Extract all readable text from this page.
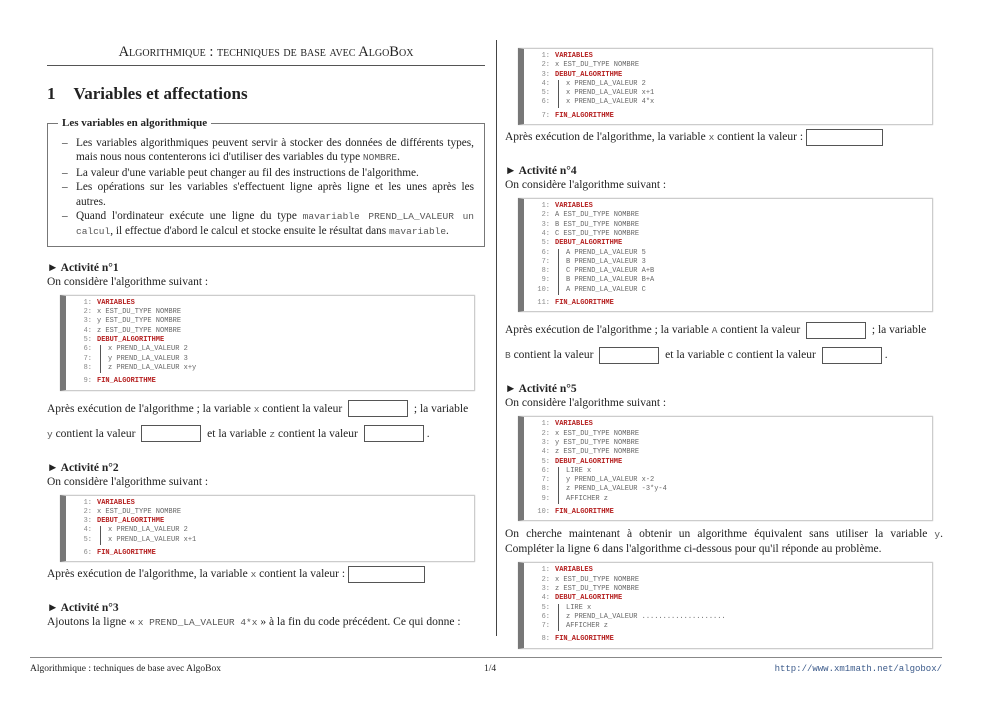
Algorithmique : techniques de base avec AlgoBox
1 Variables et affectations
Les variables en algorithmique
– Les variables algorithmiques peuvent servir à stocker des données de différents types, mais nous nous contenterons ici d'utiliser des variables du type NOMBRE.
– La valeur d'une variable peut changer au fil des instructions de l'algorithme.
– Les opérations sur les variables s'effectuent ligne après ligne et les unes après les autres.
– Quand l'ordinateur exécute une ligne du type mavariable PREND_LA_VALEUR un calcul, il effectue d'abord le calcul et stocke ensuite le résultat dans mavariable.
► Activité n°1
On considère l'algorithme suivant :
1: VARIABLES
2: x EST_DU_TYPE NOMBRE
3: y EST_DU_TYPE NOMBRE
4: z EST_DU_TYPE NOMBRE
5: DEBUT_ALGORITHME
6:	x PREND_LA_VALEUR 2
7:	y PREND_LA_VALEUR 3
8:	z PREND_LA_VALEUR x+y
9: FIN_ALGORITHME
Après exécution de l'algorithme ; la variable x contient la valeur	; la variable
y contient la valeur	et la variable z contient la valeur	.
► Activité n°2
On considère l'algorithme suivant :
1: VARIABLES
2: x EST_DU_TYPE NOMBRE
3: DEBUT_ALGORITHME
4:	x PREND_LA_VALEUR 2
5:	x PREND_LA_VALEUR x+1
6: FIN_ALGORITHME
Après exécution de l'algorithme, la variable x contient la valeur :
► Activité n°3
Ajoutons la ligne « x PREND_LA_VALEUR 4*x » à la fin du code précédent. Ce qui donne :
1: VARIABLES
2: x EST_DU_TYPE NOMBRE
3: DEBUT_ALGORITHME
4:	x PREND_LA_VALEUR 2
5:	x PREND_LA_VALEUR x+1
6:	x PREND_LA_VALEUR 4*x
7: FIN_ALGORITHME
Après exécution de l'algorithme, la variable x contient la valeur :
► Activité n°4
On considère l'algorithme suivant :
1: VARIABLES
2: A EST_DU_TYPE NOMBRE
3: B EST_DU_TYPE NOMBRE
4: C EST_DU_TYPE NOMBRE
5: DEBUT_ALGORITHME
6:	A PREND_LA_VALEUR 5
7:	B PREND_LA_VALEUR 3
8:	C PREND_LA_VALEUR A+B
9:	B PREND_LA_VALEUR B+A
10:	A PREND_LA_VALEUR C
11: FIN_ALGORITHME
Après exécution de l'algorithme ; la variable A contient la valeur	; la variable
B contient la valeur	et la variable C contient la valeur	.
► Activité n°5
On considère l'algorithme suivant :
1: VARIABLES
2: x EST_DU_TYPE NOMBRE
3: y EST_DU_TYPE NOMBRE
4: z EST_DU_TYPE NOMBRE
5: DEBUT_ALGORITHME
6:	LIRE x
7:	y PREND_LA_VALEUR x-2
8:	z PREND_LA_VALEUR -3*y-4
9:	AFFICHER z
10: FIN_ALGORITHME
On cherche maintenant à obtenir un algorithme équivalent sans utiliser la variable y. Compléter la ligne 6 dans l'algorithme ci-dessous pour qu'il réponde au problème.
1: VARIABLES
2: x EST_DU_TYPE NOMBRE
3: z EST_DU_TYPE NOMBRE
4: DEBUT_ALGORITHME
5:	LIRE x
6:	z PREND_LA_VALEUR ....................
7:	AFFICHER z
8: FIN_ALGORITHME
Algorithmique : techniques de base avec AlgoBox	1/4	http://www.xm1math.net/algobox/
